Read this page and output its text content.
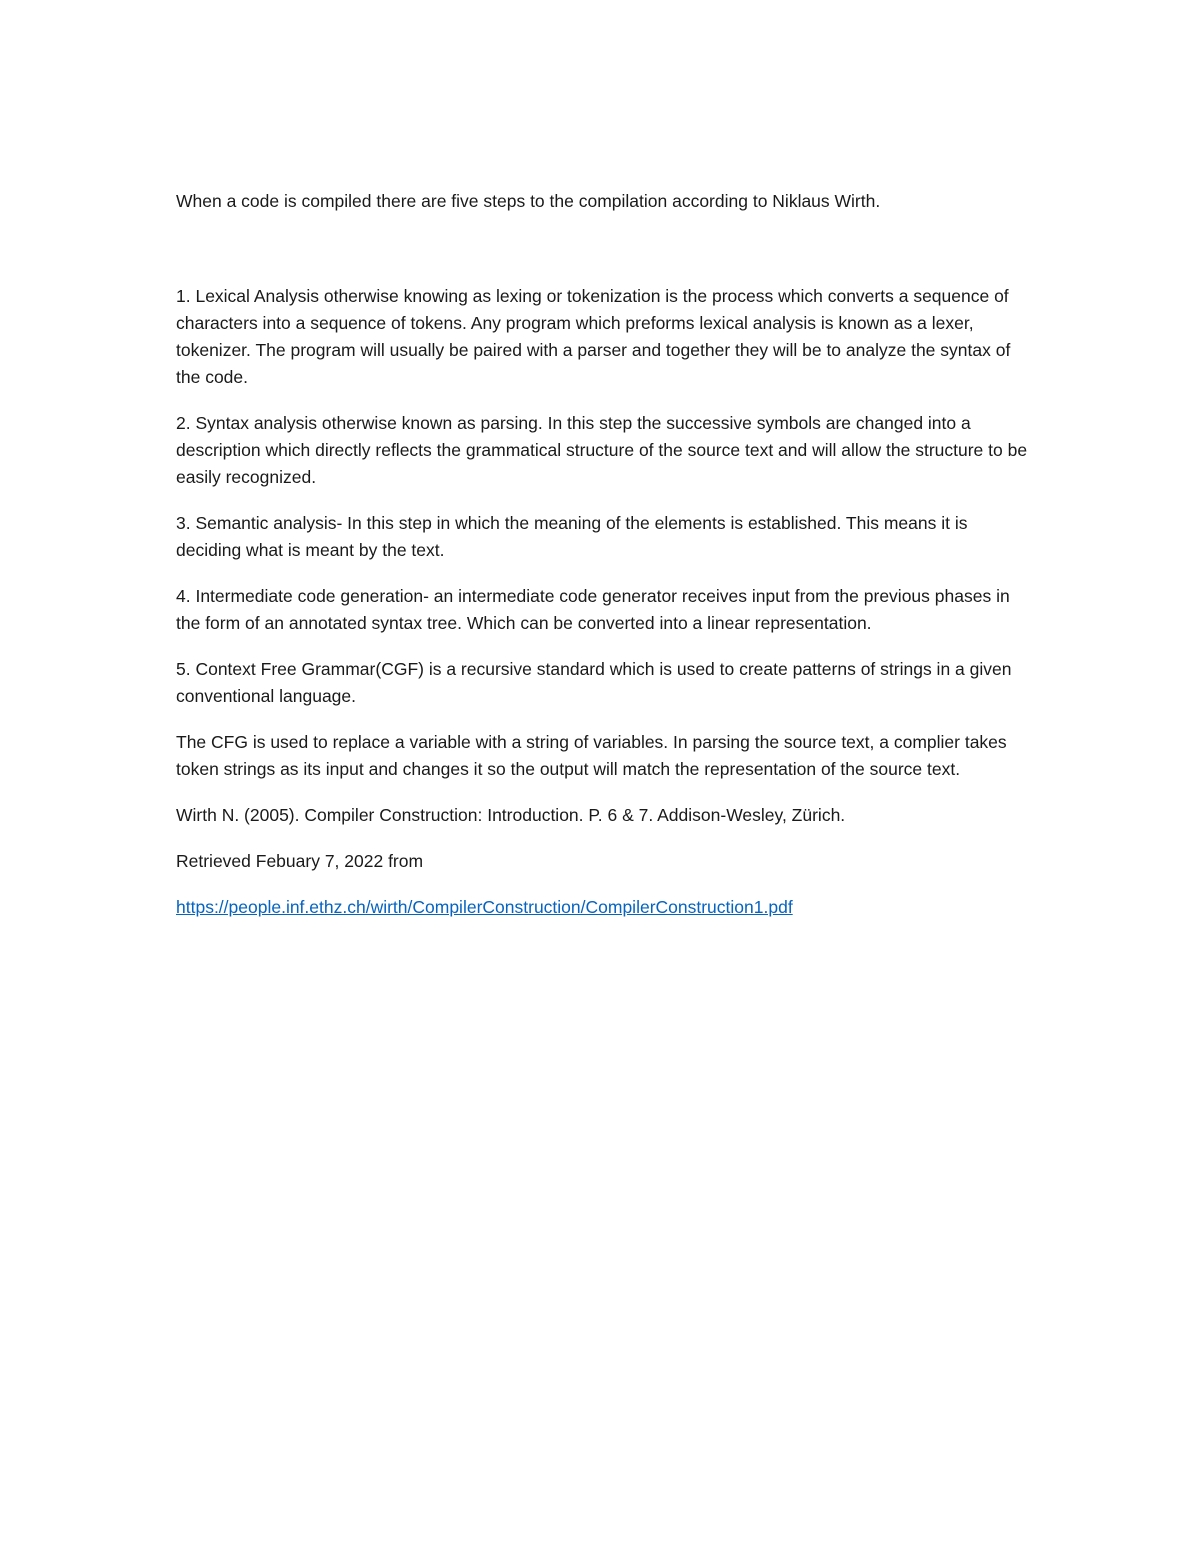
When a code is compiled there are five steps to the compilation according to Niklaus Wirth.

1. Lexical Analysis otherwise knowing as lexing or tokenization is the process which converts a sequence of characters into a sequence of tokens. Any program which preforms lexical analysis is known as a lexer, tokenizer. The program will usually be paired with a parser and together they will be to analyze the syntax of the code.

2. Syntax analysis otherwise known as parsing. In this step the successive symbols are changed into a description which directly reflects the grammatical structure of the source text and will allow the structure to be easily recognized.

3. Semantic analysis- In this step in which the meaning of the elements is established. This means it is deciding what is meant by the text.

4. Intermediate code generation- an intermediate code generator receives input from the previous phases in the form of an annotated syntax tree. Which can be converted into a linear representation.

5. Context Free Grammar(CGF) is a recursive standard which is used to create patterns of strings in a given conventional language.

The CFG is used to replace a variable with a string of variables. In parsing the source text, a complier takes token strings as its input and changes it so the output will match the representation of the source text.

Wirth N. (2005). Compiler Construction: Introduction. P. 6 & 7. Addison-Wesley, Zürich.

Retrieved Febuary 7, 2022 from

https://people.inf.ethz.ch/wirth/CompilerConstruction/CompilerConstruction1.pdf
